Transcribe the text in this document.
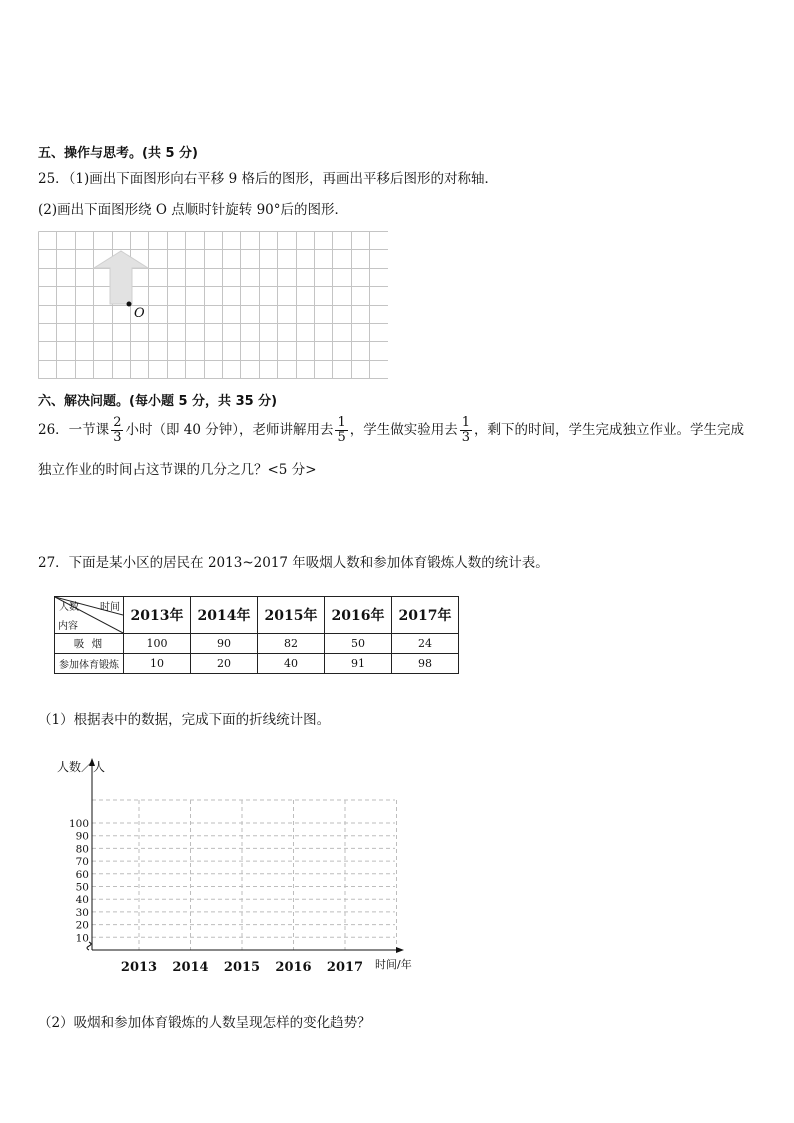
五、操作与思考。(共 5 分)
25．（1)画出下面图形向右平移 9 格后的图形，再画出平移后图形的对称轴．
(2)画出下面图形绕 O 点顺时针旋转 90°后的图形．
O
六、解决问题。(每小题 5 分，共 35 分)
26．一节课 $\frac{2}{3}$ 小时（即 40 分钟），老师讲解用去 $\frac{1}{5}$ ，学生做实验用去 $\frac{1}{3}$ ，剩下的时间，学生完成独立作业。学生完成
独立作业的时间占这节课的几分之几？<5 分>
27．下面是某小区的居民在 2013~2017 年吸烟人数和参加体育锻炼人数的统计表。
时间
人数
内容	2013年	2014年	2015年	2016年	2017年
吸 烟	100	90	82	50	24
参加体育锻炼	10	20	40	91	98
（1）根据表中的数据，完成下面的折线统计图。
10
20
30
40
50
60
70
80
90
100
2013 2014 2015 2016 2017
人数／人
时间/年
（2）吸烟和参加体育锻炼的人数呈现怎样的变化趋势？
